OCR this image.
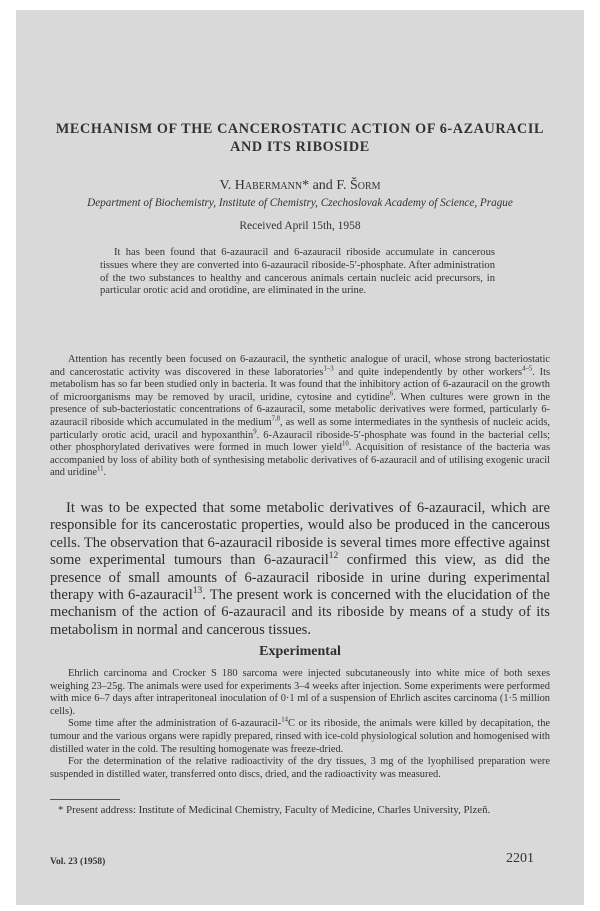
MECHANISM OF THE CANCEROSTATIC ACTION OF 6-AZAURACIL
AND ITS RIBOSIDE
V. Habermann* and F. Šorm
Department of Biochemistry, Institute of Chemistry, Czechoslovak Academy of Science, Prague
Received April 15th, 1958
It has been found that 6-azauracil and 6-azauracil riboside accumulate in cancerous tissues where they are converted into 6-azauracil riboside-5′-phosphate. After administration of the two substances to healthy and cancerous animals certain nucleic acid precursors, in particular orotic acid and orotidine, are eliminated in the urine.

Attention has recently been focused on 6-azauracil, the synthetic analogue of uracil, whose strong bacteriostatic and cancerostatic activity was discovered in these laboratories$^{1-3}$ and quite independently by other workers$^{4-5}$. Its metabolism has so far been studied only in bacteria. It was found that the inhibitory action of 6-azauracil on the growth of microorganisms may be removed by uracil, uridine, cytosine and cytidine$^6$. When cultures were grown in the presence of sub-bacteriostatic concentrations of 6-azauracil, some metabolic derivatives were formed, particularly 6-azauracil riboside which accumulated in the medium$^{7,8}$, as well as some intermediates in the synthesis of nucleic acids, particularly orotic acid, uracil and hypoxanthin$^9$. 6-Azauracil riboside-5′-phosphate was found in the bacterial cells; other phosphorylated derivatives were formed in much lower yield$^{10}$. Acquisition of resistance of the bacteria was accompanied by loss of ability both of synthesising metabolic derivatives of 6-azauracil and of utilising exogenic uracil and uridine$^{11}$.

It was to be expected that some metabolic derivatives of 6-azauracil, which are responsible for its cancerostatic properties, would also be produced in the cancerous cells. The observation that 6-azauracil riboside is several times more effective against some experimental tumours than 6-azauracil$^{12}$ confirmed this view, as did the presence of small amounts of 6-azauracil riboside in urine during experimental therapy with 6-azauracil$^{13}$. The present work is concerned with the elucidation of the mechanism of the action of 6-azauracil and its riboside by means of a study of its metabolism in normal and cancerous tissues.
Experimental

Ehrlich carcinoma and Crocker S 180 sarcoma were injected subcutaneously into white mice of both sexes weighing 23–25g. The animals were used for experiments 3–4 weeks after injection. Some experiments were performed with mice 6–7 days after intraperitoneal inoculation of 0·1 ml of a suspension of Ehrlich ascites carcinoma (1·5 million cells).

Some time after the administration of 6-azauracil-$^{14}$C or its riboside, the animals were killed by decapitation, the tumour and the various organs were rapidly prepared, rinsed with ice-cold physiological solution and homogenised with distilled water in the cold. The resulting homogenate was freeze-dried.

For the determination of the relative radioactivity of the dry tissues, 3 mg of the lyophilised preparation were suspended in distilled water, transferred onto discs, dried, and the radioactivity was measured.

* Present address: Institute of Medicinal Chemistry, Faculty of Medicine, Charles University, Plzeň.
Vol. 23 (1958)	2201
